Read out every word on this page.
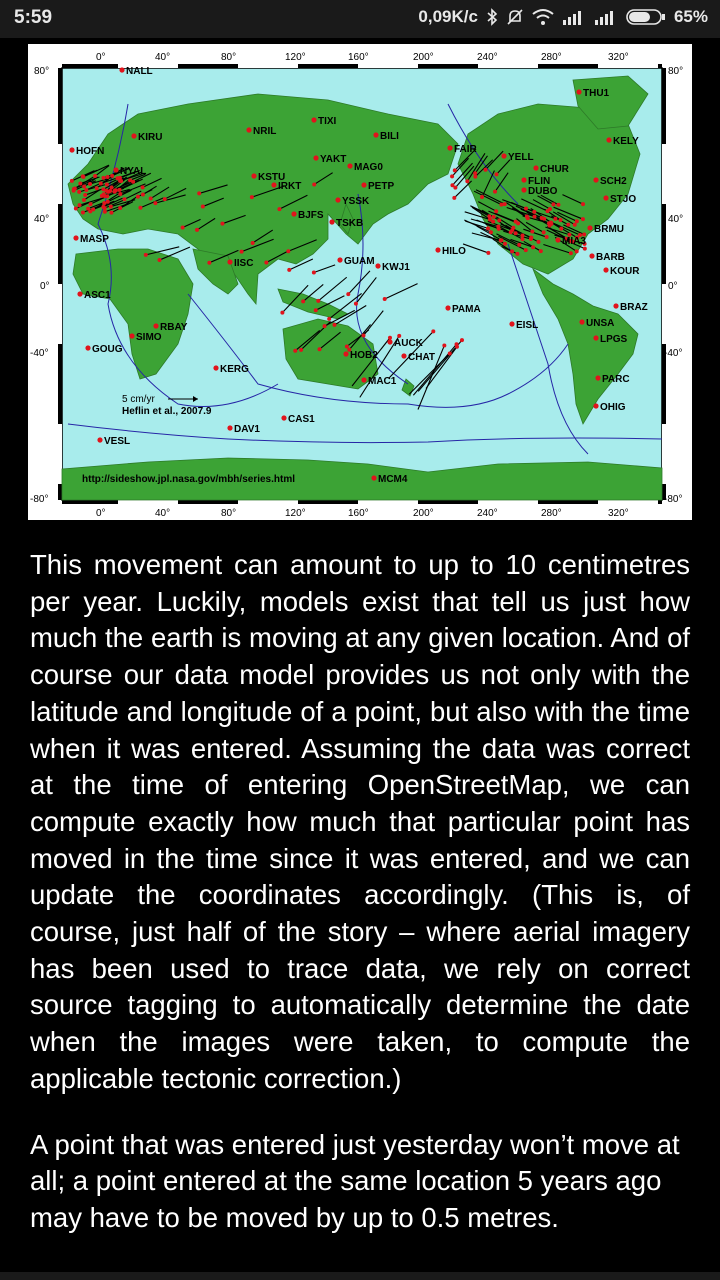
5:59	0,09K/c	65%
0°	40°	80°	120°	160°	200°	240°	280°	320°
0°	40°	80°	120°	160°	200°	240°	280°	320°
80°
40°
0°
-40°
-80°
80°
40°
0°
-40°
-80°
NALL
THU1
KIRU
NRIL
TIXI
BILI	KELY
HOFN	FAIR
YELL
YAKT
MAG0	CHUR
NYAL
KSTU
IRKT	PETP	FLIN	SCH2
DUBO
STJO
YSSK
BJFS
TSKB
BRMU
MASP	MIA3
HILO
BARB
IISC	GUAM
KWJ1	KOUR
ASC1
BRAZ
PAMA
EISL	UNSA
RBAY
SIMO
AUCK	LPGS
GOUG
HOB2	CHAT
KERG
MAC1	PARC
OHIG
CAS1
DAV1
VESL
MCM4
5 cm/yr
Heflin et al., 2007.9
http://sideshow.jpl.nasa.gov/mbh/series.html

This movement can amount to up to 10 centimetres per year. Luckily, models exist that tell us just how much the earth is moving at any given location. And of course our data model provides us not only with the latitude and longitude of a point, but also with the time when it was entered. Assuming the data was correct at the time of entering OpenStreetMap, we can compute exactly how much that particular point has moved in the time since it was entered, and we can update the coordinates accordingly. (This is, of course, just half of the story – where aerial imagery has been used to trace data, we rely on correct source tagging to automatically determine the date when the images were taken, to compute the applicable tectonic correction.)

A point that was entered just yesterday won’t move at all; a point entered at the same location 5 years ago may have to be moved by up to 0.5 metres.
